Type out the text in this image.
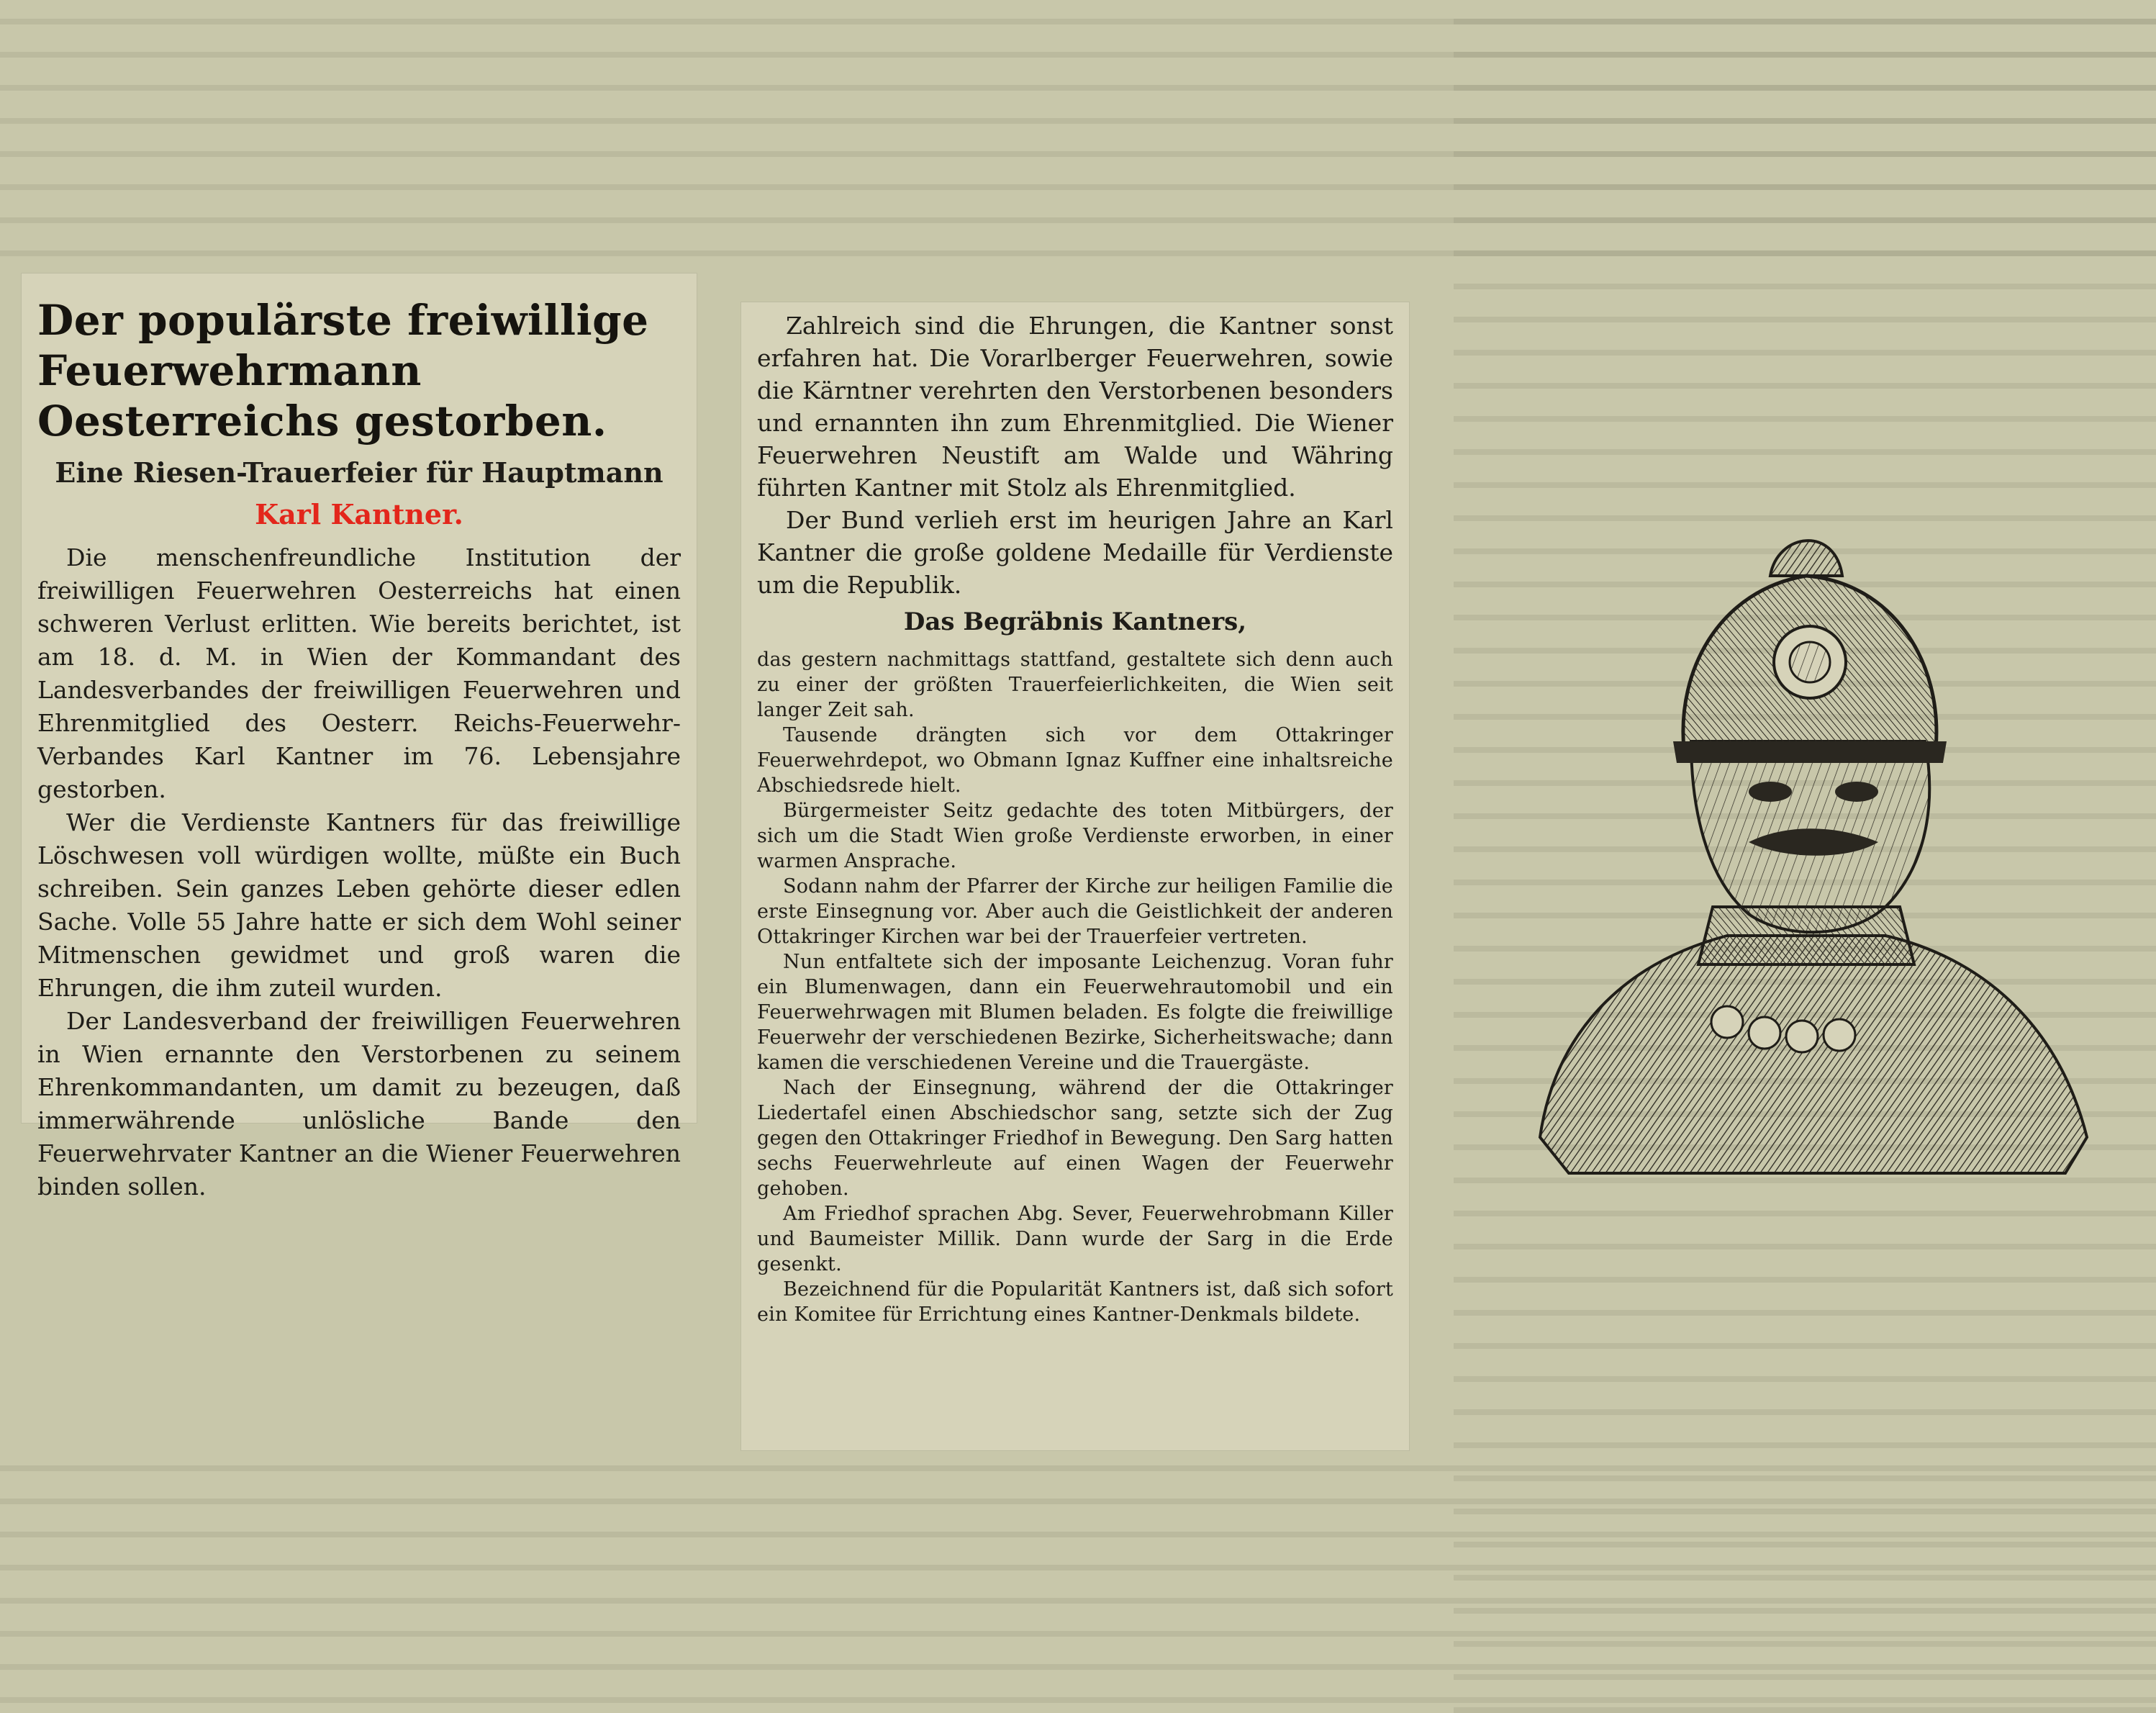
Der populärste freiwillige Feuerwehrmann Oesterreichs gestorben.
Eine Riesen-Trauerfeier für Hauptmann
Karl Kantner.

Die menschenfreundliche Institution der freiwilligen Feuerwehren Oesterreichs hat einen schweren Verlust erlitten. Wie bereits berichtet, ist am 18. d. M. in Wien der Kommandant des Landesverbandes der freiwilligen Feuerwehren und Ehrenmitglied des Oesterr. Reichs-Feuerwehr-Verbandes Karl Kantner im 76. Lebensjahre gestorben.

Wer die Verdienste Kantners für das freiwillige Löschwesen voll würdigen wollte, müßte ein Buch schreiben. Sein ganzes Leben gehörte dieser edlen Sache. Volle 55 Jahre hatte er sich dem Wohl seiner Mitmenschen gewidmet und groß waren die Ehrungen, die ihm zuteil wurden.

Der Landesverband der freiwilligen Feuerwehren in Wien ernannte den Verstorbenen zu seinem Ehrenkommandanten, um damit zu bezeugen, daß immerwährende unlösliche Bande den Feuerwehrvater Kantner an die Wiener Feuerwehren binden sollen.

Zahlreich sind die Ehrungen, die Kantner sonst erfahren hat. Die Vorarlberger Feuerwehren, sowie die Kärntner verehrten den Verstorbenen besonders und ernannten ihn zum Ehrenmitglied. Die Wiener Feuerwehren Neustift am Walde und Währing führten Kantner mit Stolz als Ehrenmitglied.

Der Bund verlieh erst im heurigen Jahre an Karl Kantner die große goldene Medaille für Verdienste um die Republik.

Das Begräbnis Kantners,

das gestern nachmittags stattfand, gestaltete sich denn auch zu einer der größten Trauerfeierlichkeiten, die Wien seit langer Zeit sah.

Tausende drängten sich vor dem Ottakringer Feuerwehrdepot, wo Obmann Ignaz Kuffner eine inhaltsreiche Abschiedsrede hielt.

Bürgermeister Seitz gedachte des toten Mitbürgers, der sich um die Stadt Wien große Verdienste erworben, in einer warmen Ansprache.

Sodann nahm der Pfarrer der Kirche zur heiligen Familie die erste Einsegnung vor. Aber auch die Geistlichkeit der anderen Ottakringer Kirchen war bei der Trauerfeier vertreten.

Nun entfaltete sich der imposante Leichenzug. Voran fuhr ein Blumenwagen, dann ein Feuerwehrautomobil und ein Feuerwehrwagen mit Blumen beladen. Es folgte die freiwillige Feuerwehr der verschiedenen Bezirke, Sicherheitswache; dann kamen die verschiedenen Vereine und die Trauergäste.

Nach der Einsegnung, während der die Ottakringer Liedertafel einen Abschiedschor sang, setzte sich der Zug gegen den Ottakringer Friedhof in Bewegung. Den Sarg hatten sechs Feuerwehrleute auf einen Wagen der Feuerwehr gehoben.

Am Friedhof sprachen Abg. Sever, Feuerwehrobmann Killer und Baumeister Millik. Dann wurde der Sarg in die Erde gesenkt.

Bezeichnend für die Popularität Kantners ist, daß sich sofort ein Komitee für Errichtung eines Kantner-Denkmals bildete.
